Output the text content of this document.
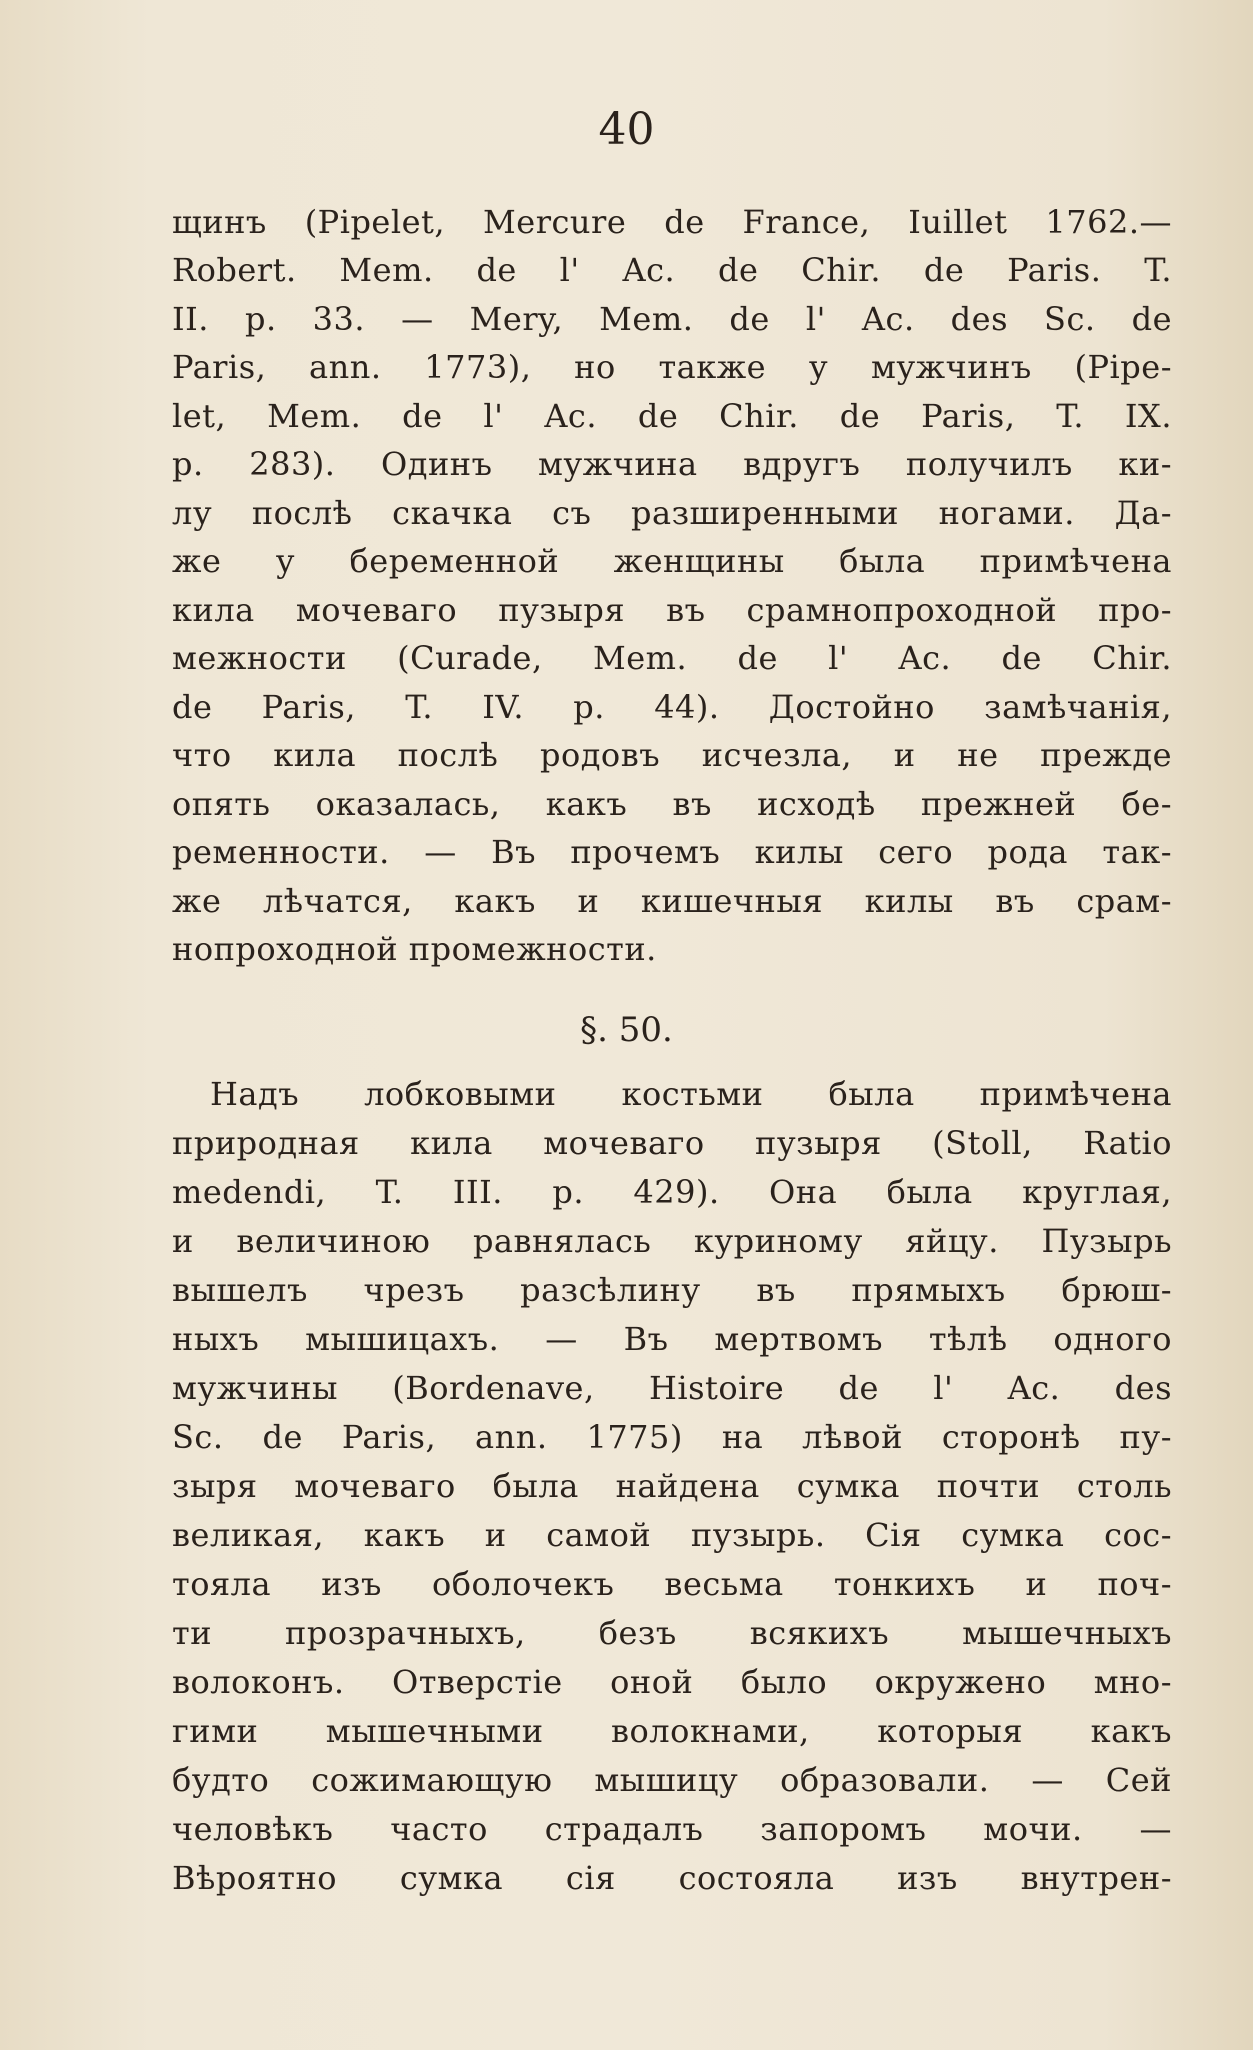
40
щинъ (Pipelet, Mercure de France, Iuillet 1762.—
Robert. Mem. de l' Ac. de Chir. de Paris. T.
II. p. 33. — Mery, Mem. de l' Ac. des Sc. de
Paris, ann. 1773), но также у мужчинъ (Pipe-
let, Mem. de l' Ac. de Chir. de Paris, T. IX.
p. 283). Одинъ мужчина вдругъ получилъ ки-
лу послѣ скачка съ разширенными ногами. Да-
же у беременной женщины была примѣчена
кила мочеваго пузыря въ срамнопроходной про-
межности (Curade, Mem. de l' Ac. de Chir.
de Paris, T. IV. p. 44). Достойно замѣчанія,
что кила послѣ родовъ исчезла, и не прежде
опять оказалась, какъ въ исходѣ прежней бе-
ременности. — Въ прочемъ килы сего рода так-
же лѣчатся, какъ и кишечныя килы въ срам-
нопроходной промежности.
§. 50.
Надъ лобковыми костьми была примѣчена
природная кила мочеваго пузыря (Stoll, Ratio
medendi, T. III. p. 429). Она была круглая,
и величиною равнялась куриному яйцу. Пузырь
вышелъ чрезъ разсѣлину въ прямыхъ брюш-
ныхъ мышицахъ. — Въ мертвомъ тѣлѣ одного
мужчины (Bordenave, Histoire de l' Ac. des
Sc. de Paris, ann. 1775) на лѣвой сторонѣ пу-
зыря мочеваго была найдена сумка почти столь
великая, какъ и самой пузырь. Сія сумка сос-
тояла изъ оболочекъ весьма тонкихъ и поч-
ти прозрачныхъ, безъ всякихъ мышечныхъ
волоконъ. Отверстіе оной было окружено мно-
гими мышечными волокнами, которыя какъ
будто сожимающую мышицу образовали. — Сей
человѣкъ часто страдалъ запоромъ мочи. —
Вѣроятно сумка сія состояла изъ внутрен-
